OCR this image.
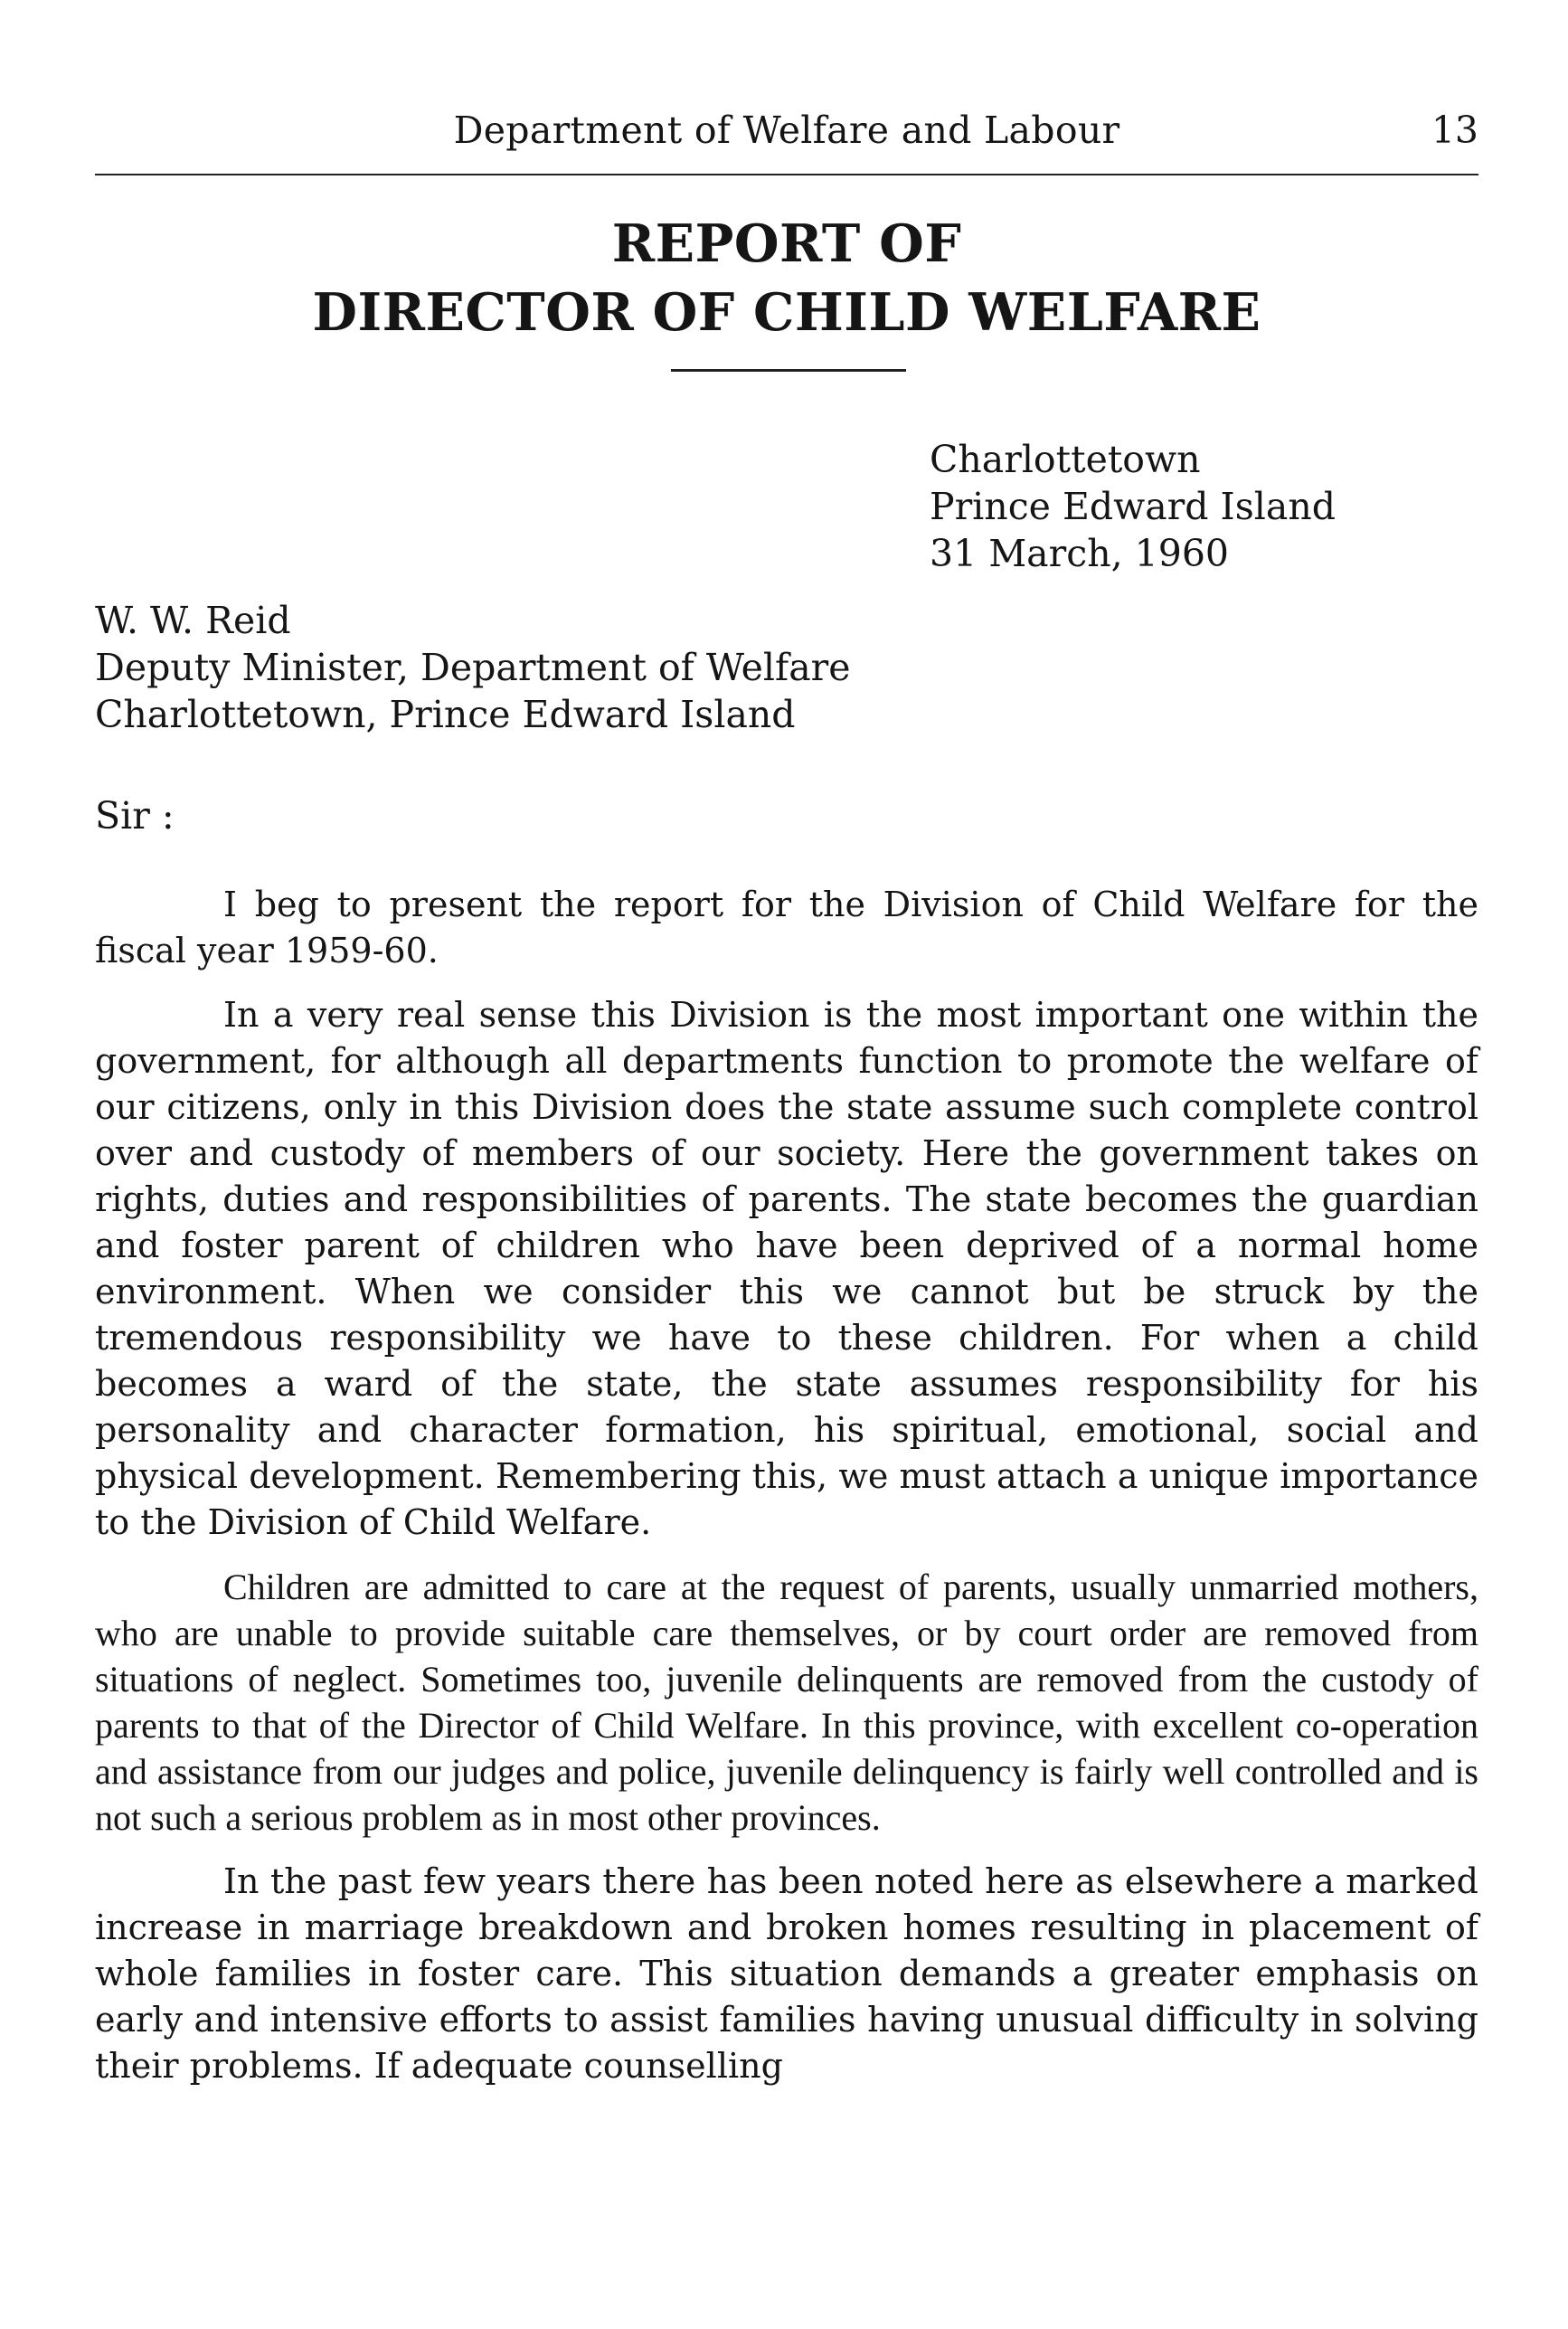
Department of Welfare and Labour	13
REPORT OF
DIRECTOR OF CHILD WELFARE
Charlottetown
Prince Edward Island
31 March, 1960
W. W. Reid
Deputy Minister, Department of Welfare
Charlottetown, Prince Edward Island
Sir :

I beg to present the report for the Division of Child Welfare for the fiscal year 1959-60.

In a very real sense this Division is the most important one within the government, for although all departments function to promote the welfare of our citizens, only in this Division does the state assume such complete control over and custody of members of our society. Here the government takes on rights, duties and responsibilities of parents. The state becomes the guardian and foster parent of children who have been deprived of a normal home environment. When we consider this we cannot but be struck by the tremendous responsibility we have to these children. For when a child becomes a ward of the state, the state assumes responsibility for his personality and character formation, his spiritual, emotional, social and physical development. Remembering this, we must attach a unique importance to the Division of Child Welfare.

Children are admitted to care at the request of parents, usually unmarried mothers, who are unable to provide suitable care themselves, or by court order are removed from situations of neglect. Sometimes too, juvenile delinquents are removed from the custody of parents to that of the Director of Child Welfare. In this province, with excellent co-operation and assistance from our judges and police, juvenile delinquency is fairly well controlled and is not such a serious problem as in most other provinces.

In the past few years there has been noted here as elsewhere a marked increase in marriage breakdown and broken homes resulting in placement of whole families in foster care. This situation demands a greater emphasis on early and intensive efforts to assist families having unusual difficulty in solving their problems. If adequate counselling
